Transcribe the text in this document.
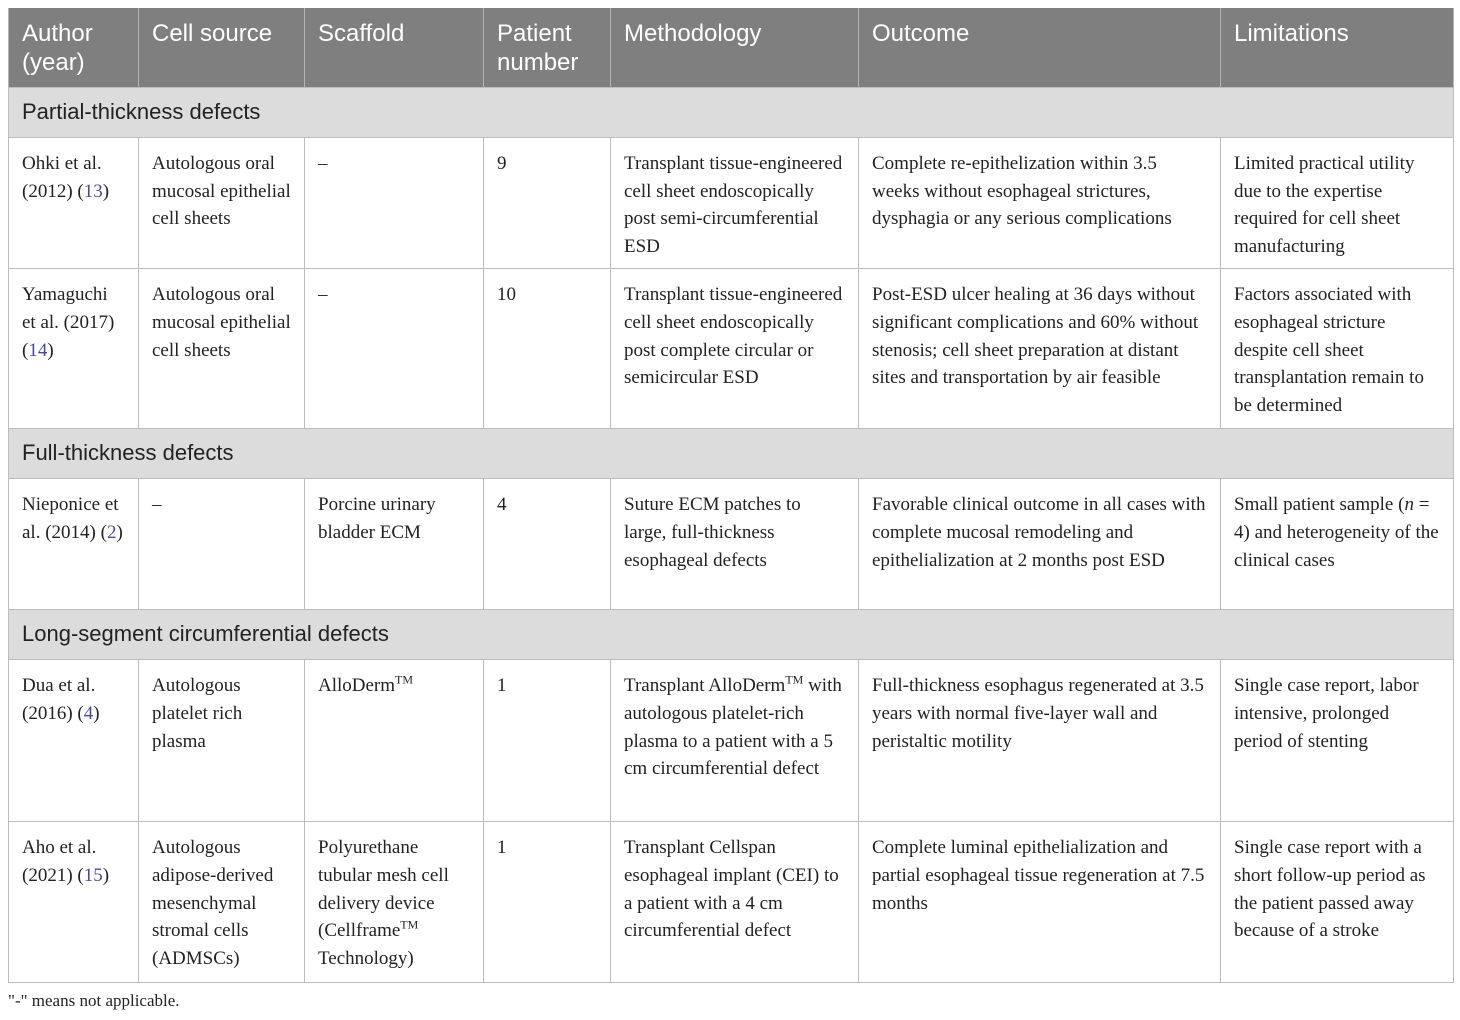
Author (year)	Cell source	Scaffold	Patient number	Methodology	Outcome	Limitations
Partial-thickness defects						
Ohki et al. (2012) (13)	Autologous oral mucosal epithelial cell sheets	–	9	Transplant tissue-engineered cell sheet endoscopically post semi-circumferential ESD	Complete re-epithelization within 3.5 weeks without esophageal strictures, dysphagia or any serious complications	Limited practical utility due to the expertise required for cell sheet manufacturing
Yamaguchi et al. (2017) (14)	Autologous oral mucosal epithelial cell sheets	–	10	Transplant tissue-engineered cell sheet endoscopically post complete circular or semicircular ESD	Post-ESD ulcer healing at 36 days without significant complications and 60% without stenosis; cell sheet preparation at distant sites and transportation by air feasible	Factors associated with esophageal stricture despite cell sheet transplantation remain to be determined
Full-thickness defects						
Nieponice et al. (2014) (2)	–	Porcine urinary bladder ECM	4	Suture ECM patches to large, full-thickness esophageal defects	Favorable clinical outcome in all cases with complete mucosal remodeling and epithelialization at 2 months post ESD	Small patient sample (n = 4) and heterogeneity of the clinical cases
Long-segment circumferential defects						
Dua et al. (2016) (4)	Autologous platelet rich plasma	AlloDerm™	1	Transplant AlloDerm™ with autologous platelet-rich plasma to a patient with a 5 cm circumferential defect	Full-thickness esophagus regenerated at 3.5 years with normal five-layer wall and peristaltic motility	Single case report, labor intensive, prolonged period of stenting
Aho et al. (2021) (15)	Autologous adipose-derived mesenchymal stromal cells (ADMSCs)	Polyurethane tubular mesh cell delivery device (Cellframe™ Technology)	1	Transplant Cellspan esophageal implant (CEI) to a patient with a 4 cm circumferential defect	Complete luminal epithelialization and partial esophageal tissue regeneration at 7.5 months	Single case report with a short follow-up period as the patient passed away because of a stroke
"-" means not applicable.
